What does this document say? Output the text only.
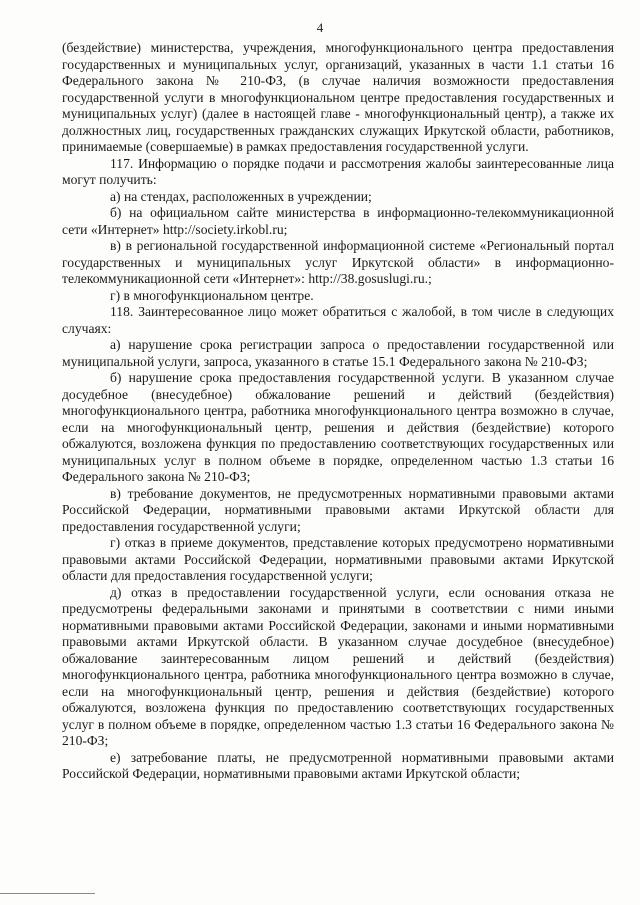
4

(бездействие) министерства, учреждения, многофункционального центра предоставления государственных и муниципальных услуг, организаций, указанных в части 1.1 статьи 16 Федерального закона № 210-ФЗ, (в случае наличия возможности предоставления государственной услуги в многофункциональном центре предоставления государственных и муниципальных услуг) (далее в настоящей главе - многофункциональный центр), а также их должностных лиц, государственных гражданских служащих Иркутской области, работников, принимаемые (совершаемые) в рамках предоставления государственной услуги.

117. Информацию о порядке подачи и рассмотрения жалобы заинтересованные лица могут получить:

а) на стендах, расположенных в учреждении;

б) на официальном сайте министерства в информационно-телекоммуникационной сети «Интернет» http://society.irkobl.ru;

в) в региональной государственной информационной системе «Региональный портал государственных и муниципальных услуг Иркутской области» в информационно-телекоммуникационной сети «Интернет»: http://38.gosuslugi.ru.;

г) в многофункциональном центре.

118. Заинтересованное лицо может обратиться с жалобой, в том числе в следующих случаях:

а) нарушение срока регистрации запроса о предоставлении государственной или муниципальной услуги, запроса, указанного в статье 15.1 Федерального закона № 210-ФЗ;

б) нарушение срока предоставления государственной услуги. В указанном случае досудебное (внесудебное) обжалование решений и действий (бездействия) многофункционального центра, работника многофункционального центра возможно в случае, если на многофункциональный центр, решения и действия (бездействие) которого обжалуются, возложена функция по предоставлению соответствующих государственных или муниципальных услуг в полном объеме в порядке, определенном частью 1.3 статьи 16 Федерального закона № 210-ФЗ;

в) требование документов, не предусмотренных нормативными правовыми актами Российской Федерации, нормативными правовыми актами Иркутской области для предоставления государственной услуги;

г) отказ в приеме документов, представление которых предусмотрено нормативными правовыми актами Российской Федерации, нормативными правовыми актами Иркутской области для предоставления государственной услуги;

д) отказ в предоставлении государственной услуги, если основания отказа не предусмотрены федеральными законами и принятыми в соответствии с ними иными нормативными правовыми актами Российской Федерации, законами и иными нормативными правовыми актами Иркутской области. В указанном случае досудебное (внесудебное) обжалование заинтересованным лицом решений и действий (бездействия) многофункционального центра, работника многофункционального центра возможно в случае, если на многофункциональный центр, решения и действия (бездействие) которого обжалуются, возложена функция по предоставлению соответствующих государственных услуг в полном объеме в порядке, определенном частью 1.3 статьи 16 Федерального закона № 210-ФЗ;

е) затребование платы, не предусмотренной нормативными правовыми актами Российской Федерации, нормативными правовыми актами Иркутской области;
